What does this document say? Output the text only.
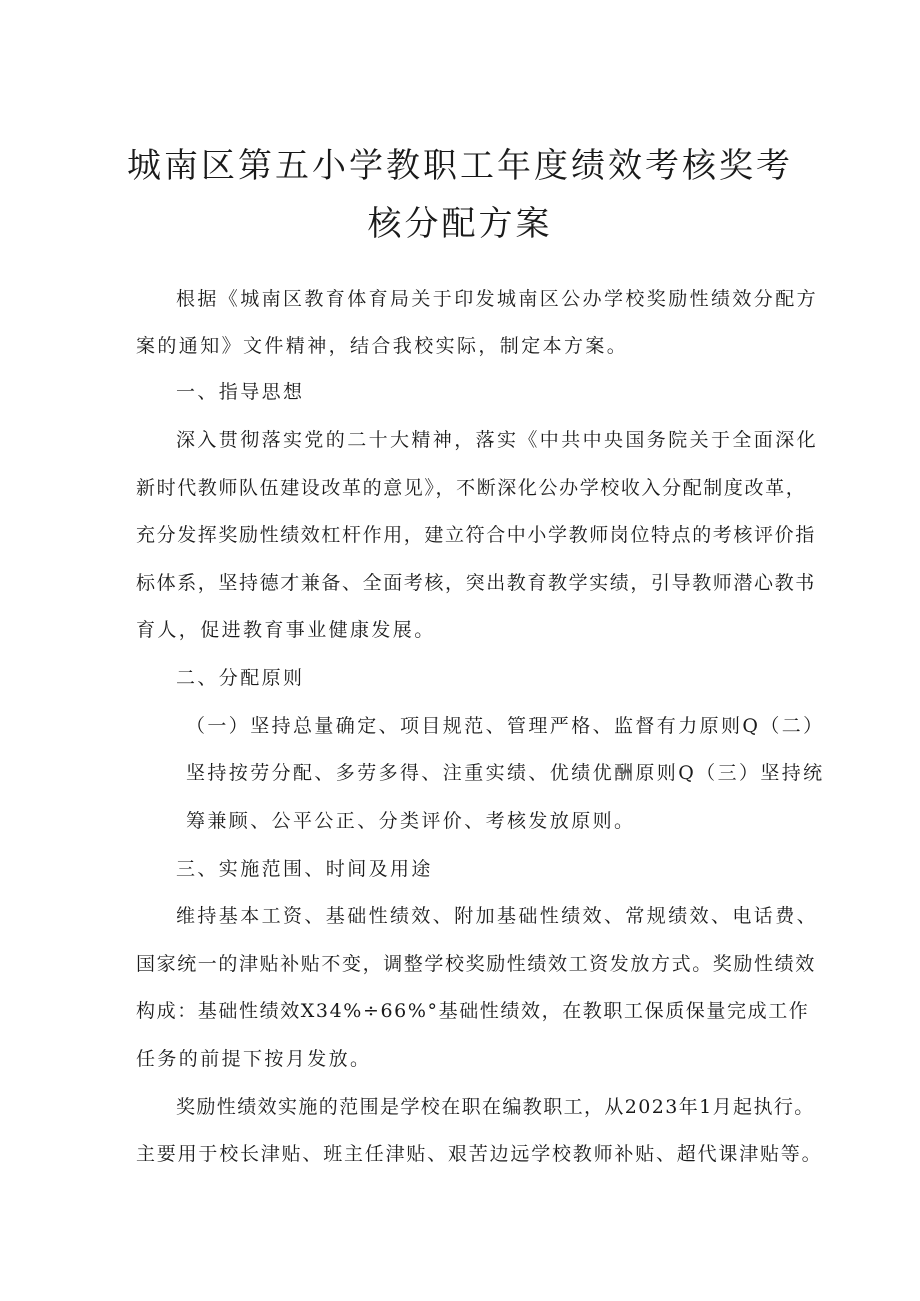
城南区第五小学教职工年度绩效考核奖考
核分配方案
根据《城南区教育体育局关于印发城南区公办学校奖励性绩效分配方
案的通知》文件精神，结合我校实际，制定本方案。
一、指导思想
深入贯彻落实党的二十大精神，落实《中共中央国务院关于全面深化
新时代教师队伍建设改革的意见》，不断深化公办学校收入分配制度改革，
充分发挥奖励性绩效杠杆作用，建立符合中小学教师岗位特点的考核评价指
标体系，坚持德才兼备、全面考核，突出教育教学实绩，引导教师潜心教书
育人，促进教育事业健康发展。
二、分配原则
（一）坚持总量确定、项目规范、管理严格、监督有力原则Q（二）
坚持按劳分配、多劳多得、注重实绩、优绩优酬原则Q（三）坚持统
筹兼顾、公平公正、分类评价、考核发放原则。
三、实施范围、时间及用途
维持基本工资、基础性绩效、附加基础性绩效、常规绩效、电话费、
国家统一的津贴补贴不变，调整学校奖励性绩效工资发放方式。奖励性绩效
构成：基础性绩效X34%÷66%°基础性绩效，在教职工保质保量完成工作
任务的前提下按月发放。
奖励性绩效实施的范围是学校在职在编教职工，从2023年1月起执行。
主要用于校长津贴、班主任津贴、艰苦边远学校教师补贴、超代课津贴等。
